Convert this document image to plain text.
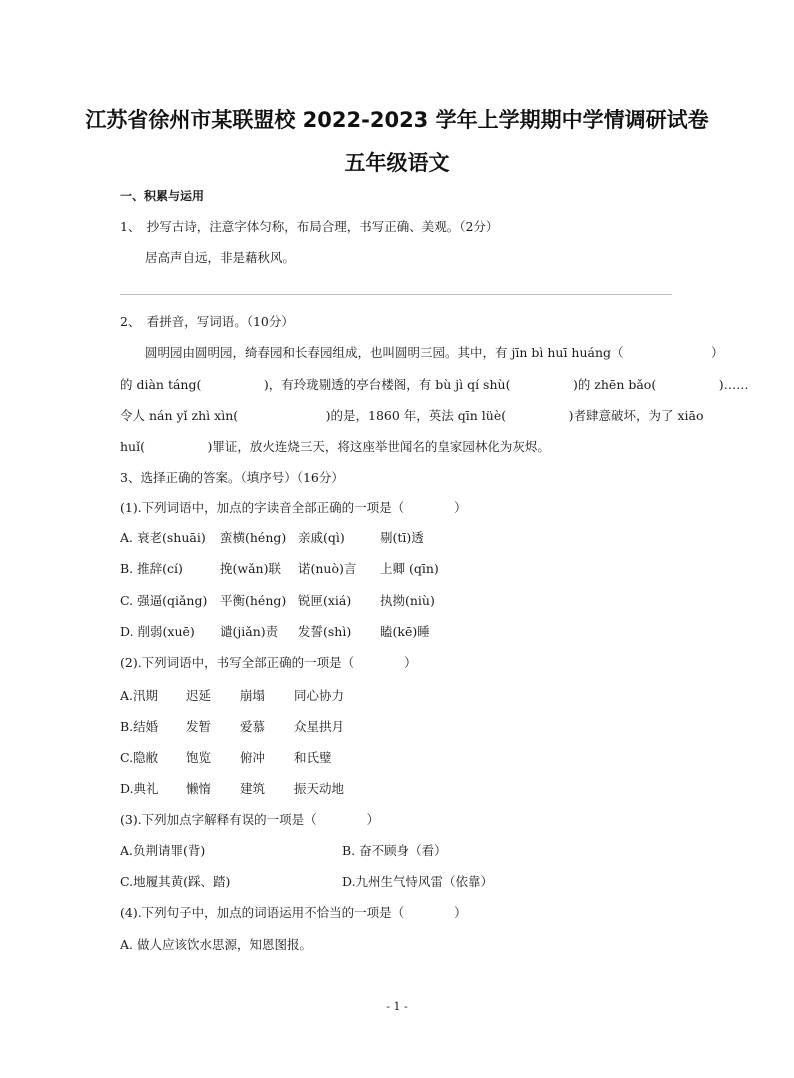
江苏省徐州市某联盟校 2022-2023 学年上学期期中学情调研试卷
五年级语文
一、积累与运用
1、　抄写古诗，注意字体匀称，布局合理，书写正确、美观。（2分）
居高声自远，非是藉秋风。
2、　看拼音，写词语。（10分）
圆明园由圆明园，绮春园和长春园组成，也叫圆明三园。其中，有 jīn bì huī huáng（　　　　　　　）
的 diàn táng(　　　　　)，有玲珑剔透的亭台楼阁，有 bù jì qí shù(　　　　　)的 zhēn bǎo(　　　　　)……
令人 nán yǐ zhì xìn(　　　　　　　)的是，1860 年，英法 qīn lüè(　　　　　)者肆意破坏，为了 xiāo
huǐ(　　　　　)罪证，放火连烧三天，将这座举世闻名的皇家园林化为灰烬。
3、选择正确的答案。（填序号）（16分）
(1).下列词语中，加点的字读音全部正确的一项是（　　　　）
A. 衰老(shuāi) 蛮横(héng) 亲戚(qì)	剔(tī)透
B. 推辞(cí)	挽(wǎn)联 诺(nuò)言 上卿 (qīn)
C. 强逼(qiǎng) 平衡(héng) 锐匣(xiá) 执拗(niù)
D. 削弱(xuē) 谴(jiǎn)责 发誓(shì) 瞌(kē)睡
(2).下列词语中，书写全部正确的一项是（　　　　）
A.汛期 迟延 崩塌 同心协力
B.结婚 发暂 爱慕 众星拱月
C.隐敝 饱览 俯冲 和氏璧
D.典礼 懒惰 建筑 振天动地
(3).下列加点字解释有误的一项是（　　　　）
A.负荆请罪(背)	B. 奋不顾身（看）
C.地履其黄(踩、踏)	D.九州生气恃风雷（依靠）
(4).下列句子中，加点的词语运用不恰当的一项是（　　　　）
A. 做人应该饮水思源，知恩图报。
- 1 -
